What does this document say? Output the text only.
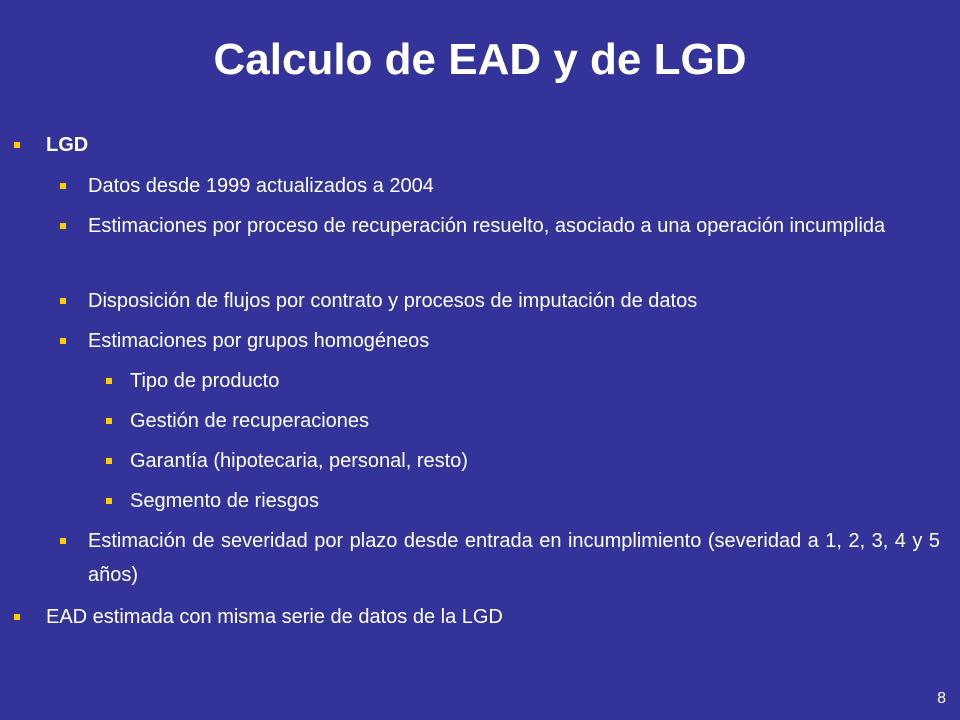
Calculo de EAD y de LGD
LGD
Datos desde 1999 actualizados a 2004
Estimaciones por proceso de recuperación resuelto, asociado a una operación incumplida
Disposición de flujos por contrato y procesos de imputación de datos
Estimaciones por grupos homogéneos
Tipo de producto
Gestión de recuperaciones
Garantía (hipotecaria, personal, resto)
Segmento de riesgos
Estimación de severidad por plazo desde entrada en incumplimiento (severidad a 1, 2, 3, 4 y 5 años)
EAD estimada con misma serie de datos de la LGD
8
